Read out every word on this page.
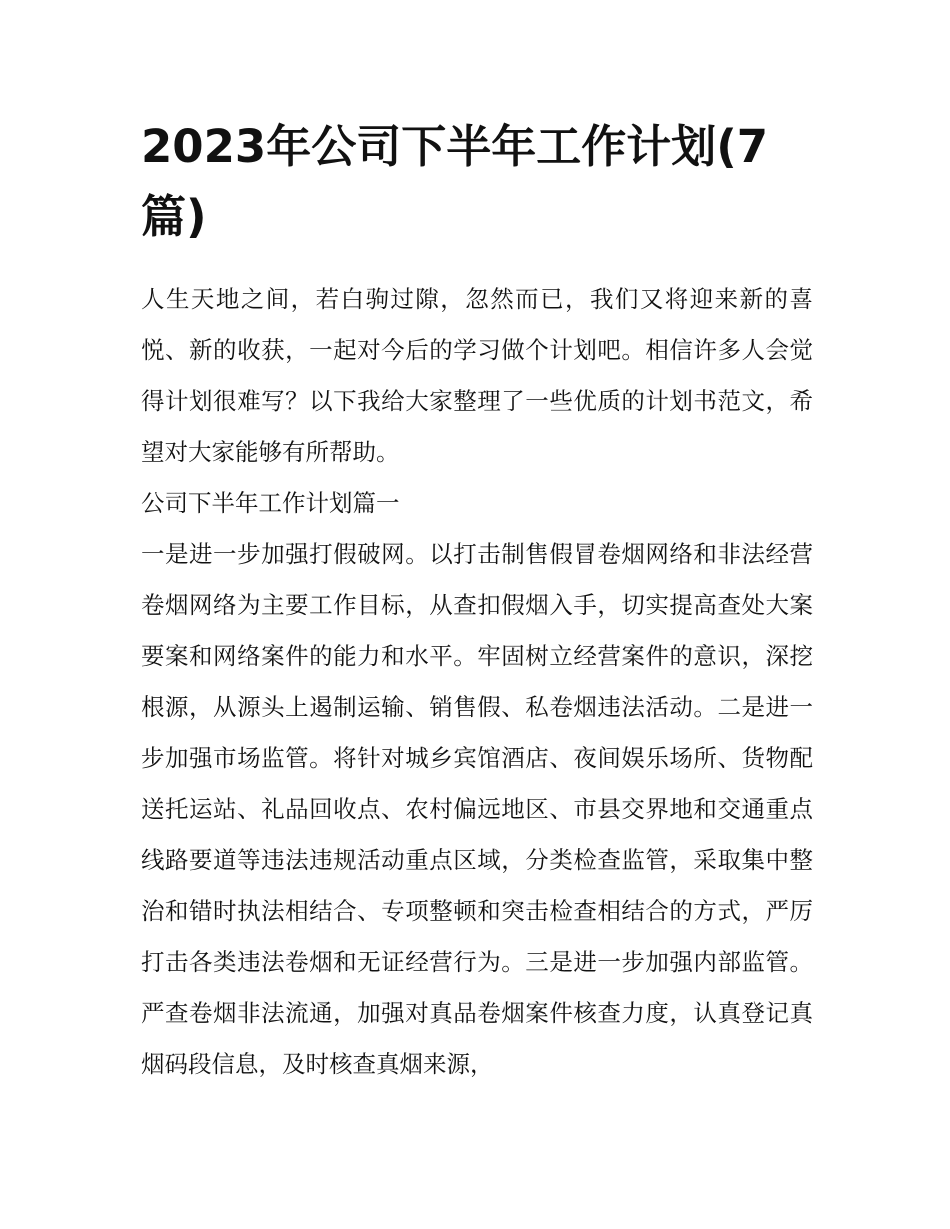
2023年公司下半年工作计划(7篇)

人生天地之间，若白驹过隙，忽然而已，我们又将迎来新的喜悦、新的收获，一起对今后的学习做个计划吧。相信许多人会觉得计划很难写？以下我给大家整理了一些优质的计划书范文，希望对大家能够有所帮助。

公司下半年工作计划篇一

一是进一步加强打假破网。以打击制售假冒卷烟网络和非法经营卷烟网络为主要工作目标，从查扣假烟入手，切实提高查处大案要案和网络案件的能力和水平。牢固树立经营案件的意识，深挖根源，从源头上遏制运输、销售假、私卷烟违法活动。二是进一步加强市场监管。将针对城乡宾馆酒店、夜间娱乐场所、货物配送托运站、礼品回收点、农村偏远地区、市县交界地和交通重点线路要道等违法违规活动重点区域，分类检查监管，采取集中整治和错时执法相结合、专项整顿和突击检查相结合的方式，严厉打击各类违法卷烟和无证经营行为。三是进一步加强内部监管。严查卷烟非法流通，加强对真品卷烟案件核查力度，认真登记真烟码段信息，及时核查真烟来源，
